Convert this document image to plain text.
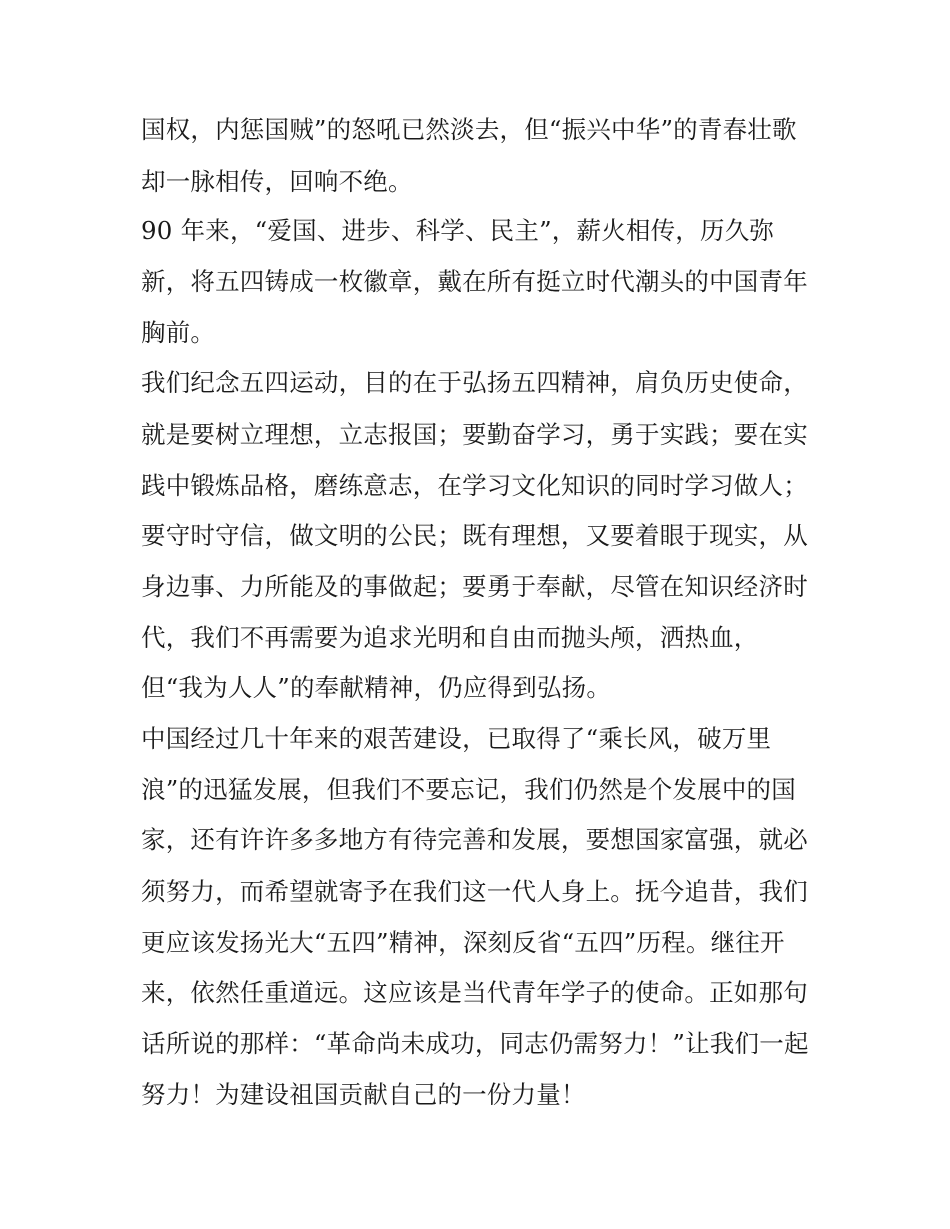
国权，内惩国贼”的怒吼已然淡去，但“振兴中华”的青春壮歌
却一脉相传，回响不绝。
90 年来，“爱国、进步、科学、民主”，薪火相传，历久弥
新，将五四铸成一枚徽章，戴在所有挺立时代潮头的中国青年
胸前。
我们纪念五四运动，目的在于弘扬五四精神，肩负历史使命，
就是要树立理想，立志报国；要勤奋学习，勇于实践；要在实
践中锻炼品格，磨练意志，在学习文化知识的同时学习做人；
要守时守信，做文明的公民；既有理想，又要着眼于现实，从
身边事、力所能及的事做起；要勇于奉献，尽管在知识经济时
代，我们不再需要为追求光明和自由而抛头颅，洒热血，
但“我为人人”的奉献精神，仍应得到弘扬。
中国经过几十年来的艰苦建设，已取得了“乘长风，破万里
浪”的迅猛发展，但我们不要忘记，我们仍然是个发展中的国
家，还有许许多多地方有待完善和发展，要想国家富强，就必
须努力，而希望就寄予在我们这一代人身上。抚今追昔，我们
更应该发扬光大“五四”精神，深刻反省“五四”历程。继往开
来，依然任重道远。这应该是当代青年学子的使命。正如那句
话所说的那样：“革命尚未成功，同志仍需努力！”让我们一起
努力！为建设祖国贡献自己的一份力量！
